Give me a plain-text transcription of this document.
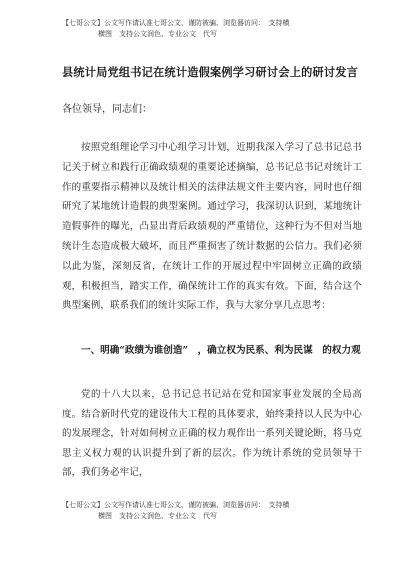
【七哥公文】公文写作请认准七哥公文、谨防被骗、浏览器访问：　支持横
　　横图　支持公文润色、专业公文　代写
县统计局党组书记在统计造假案例学习研讨会上的研讨发言
各位领导，同志们：
按照党组理论学习中心组学习计划，近期我深入学习了总书记总书记关于树立和践行正确政绩观的重要论述摘编，总书记总书记对统计工作的重要指示精神以及统计相关的法律法规文件主要内容，同时也仔细研究了某地统计造假的典型案例。通过学习，我深切认识到，某地统计造假事件的曝光，凸显出背后政绩观的严重错位，这种行为不但对当地统计生态造成极大破坏，而且严重损害了统计数据的公信力。我们必须以此为鉴，深刻反省，在统计工作的开展过程中牢固树立正确的政绩观，积极担当，踏实工作，确保统计工作的真实有效。下面，结合这个典型案例，联系我们的统计实际工作，我与大家分享几点思考：
一、明确“政绩为谁创造”　，确立权为民系、利为民谋　的权力观
党的十八大以来，总书记总书记站在党和国家事业发展的全局高度。结合新时代党的建设伟大工程的具体要求，始终秉持以人民为中心的发展理念，针对如何树立正确的权力观作出一系列关键论断，将马克思主义权力观的认识提升到了新的层次。作为统计系统的党员领导干部，我们务必牢记，
【七哥公文】公文写作请认准七哥公文、谨防被骗、浏览器访问：　支持横
　　横图　支持公文润色、专业公文　代写
